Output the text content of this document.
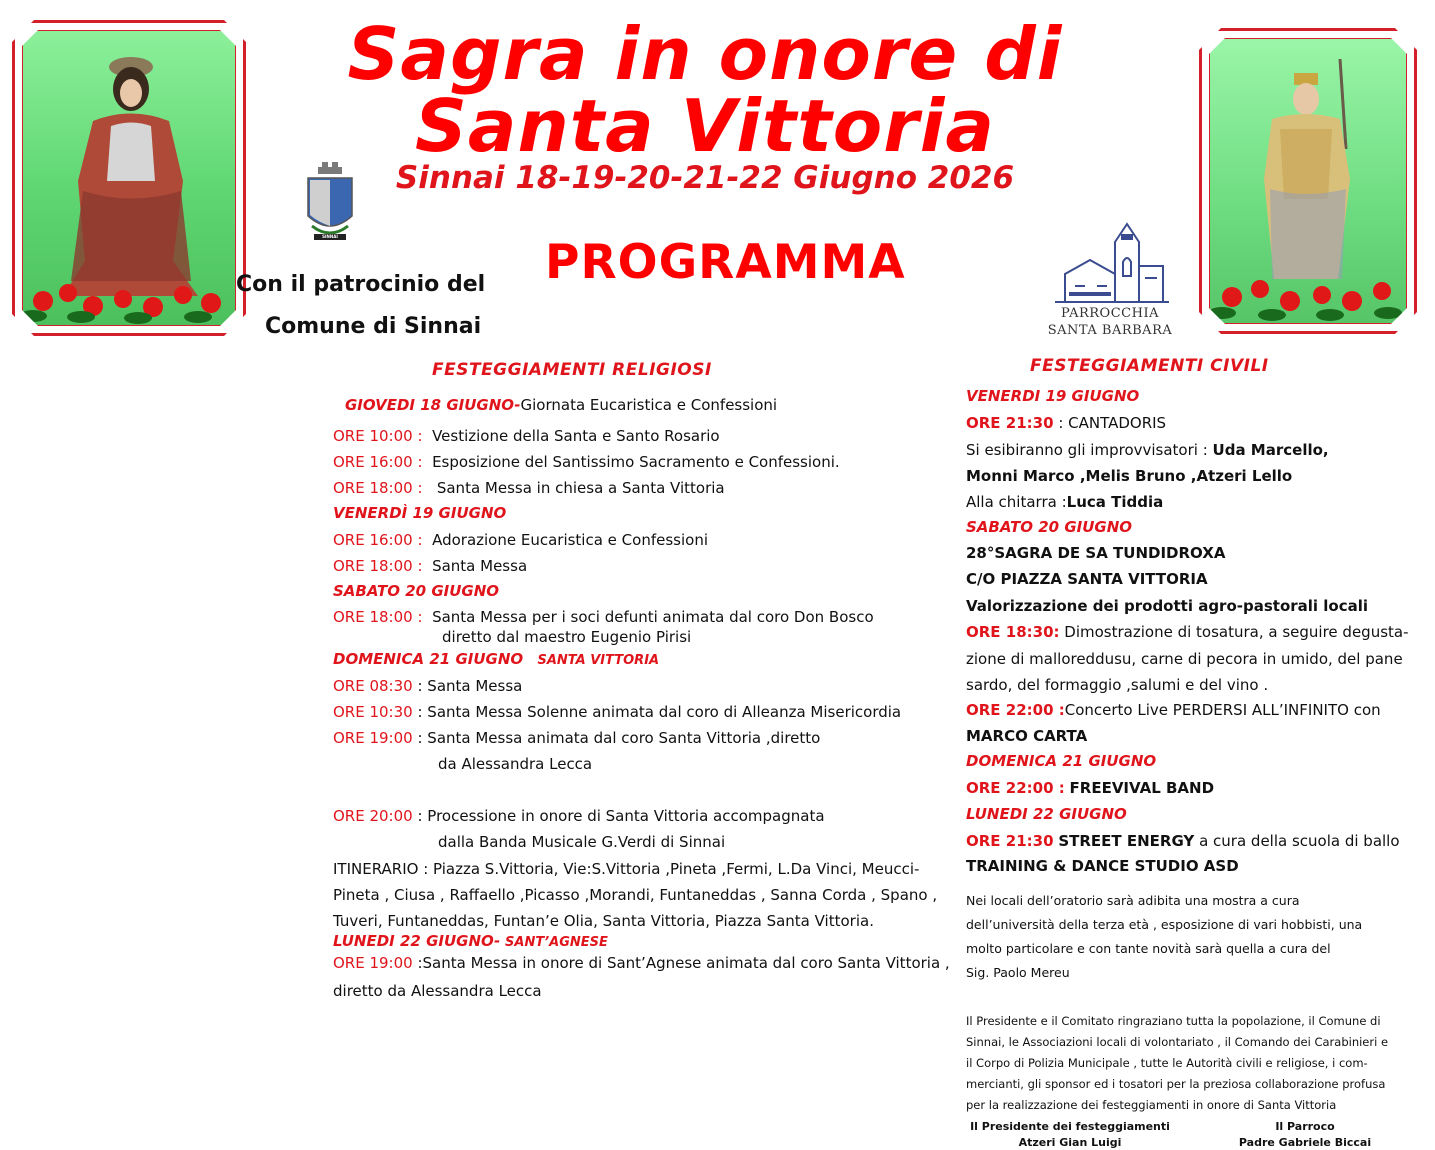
Sagra in onore di
Santa Vittoria
Sinnai 18-19-20-21-22 Giugno 2026
PROGRAMMA
SINNAI
Con il patrocinio del
Comune di Sinnai
PARROCCHIA
SANTA BARBARA
FESTEGGIAMENTI RELIGIOSI
GIOVEDI 18 GIUGNO-Giornata Eucaristica e Confessioni
ORE 10:00 : Vestizione della Santa e Santo Rosario
ORE 16:00 : Esposizione del Santissimo Sacramento e Confessioni.
ORE 18:00 : Santa Messa in chiesa a Santa Vittoria
VENERDÌ 19 GIUGNO
ORE 16:00 : Adorazione Eucaristica e Confessioni
ORE 18:00 : Santa Messa
SABATO 20 GIUGNO
ORE 18:00 : Santa Messa per i soci defunti animata dal coro Don Bosco
diretto dal maestro Eugenio Pirisi
DOMENICA 21 GIUGNO SANTA VITTORIA
ORE 08:30 : Santa Messa
ORE 10:30 : Santa Messa Solenne animata dal coro di Alleanza Misericordia
ORE 19:00 : Santa Messa animata dal coro Santa Vittoria ,diretto
da Alessandra Lecca
ORE 20:00 : Processione in onore di Santa Vittoria accompagnata
dalla Banda Musicale G.Verdi di Sinnai
ITINERARIO : Piazza S.Vittoria, Vie:S.Vittoria ,Pineta ,Fermi, L.Da Vinci, Meucci-
Pineta , Ciusa , Raffaello ,Picasso ,Morandi, Funtaneddas , Sanna Corda , Spano ,
Tuveri, Funtaneddas, Funtan’e Olia, Santa Vittoria, Piazza Santa Vittoria.
LUNEDI 22 GIUGNO- SANT’AGNESE
ORE 19:00 :Santa Messa in onore di Sant’Agnese animata dal coro Santa Vittoria ,
diretto da Alessandra Lecca
FESTEGGIAMENTI CIVILI
VENERDI 19 GIUGNO
ORE 21:30 : CANTADORIS
Si esibiranno gli improvvisatori : Uda Marcello,
Monni Marco ,Melis Bruno ,Atzeri Lello
Alla chitarra :Luca Tiddia
SABATO 20 GIUGNO
28°SAGRA DE SA TUNDIDROXA
C/O PIAZZA SANTA VITTORIA
Valorizzazione dei prodotti agro-pastorali locali
ORE 18:30: Dimostrazione di tosatura, a seguire degusta-
zione di malloreddusu, carne di pecora in umido, del pane
sardo, del formaggio ,salumi e del vino .
ORE 22:00 :Concerto Live PERDERSI ALL’INFINITO con
MARCO CARTA
DOMENICA 21 GIUGNO
ORE 22:00 : FREEVIVAL BAND
LUNEDI 22 GIUGNO
ORE 21:30 STREET ENERGY a cura della scuola di ballo
TRAINING & DANCE STUDIO ASD
Nei locali dell’oratorio sarà adibita una mostra a cura
dell’università della terza età , esposizione di vari hobbisti, una
molto particolare e con tante novità sarà quella a cura del
Sig. Paolo Mereu
Il Presidente e il Comitato ringraziano tutta la popolazione, il Comune di
Sinnai, le Associazioni locali di volontariato , il Comando dei Carabinieri e
il Corpo di Polizia Municipale , tutte le Autorità civili e religiose, i com-
mercianti, gli sponsor ed i tosatori per la preziosa collaborazione profusa
per la realizzazione dei festeggiamenti in onore di Santa Vittoria
Il Presidente dei festeggiamenti
Atzeri Gian Luigi
Il Parroco
Padre Gabriele Biccai
